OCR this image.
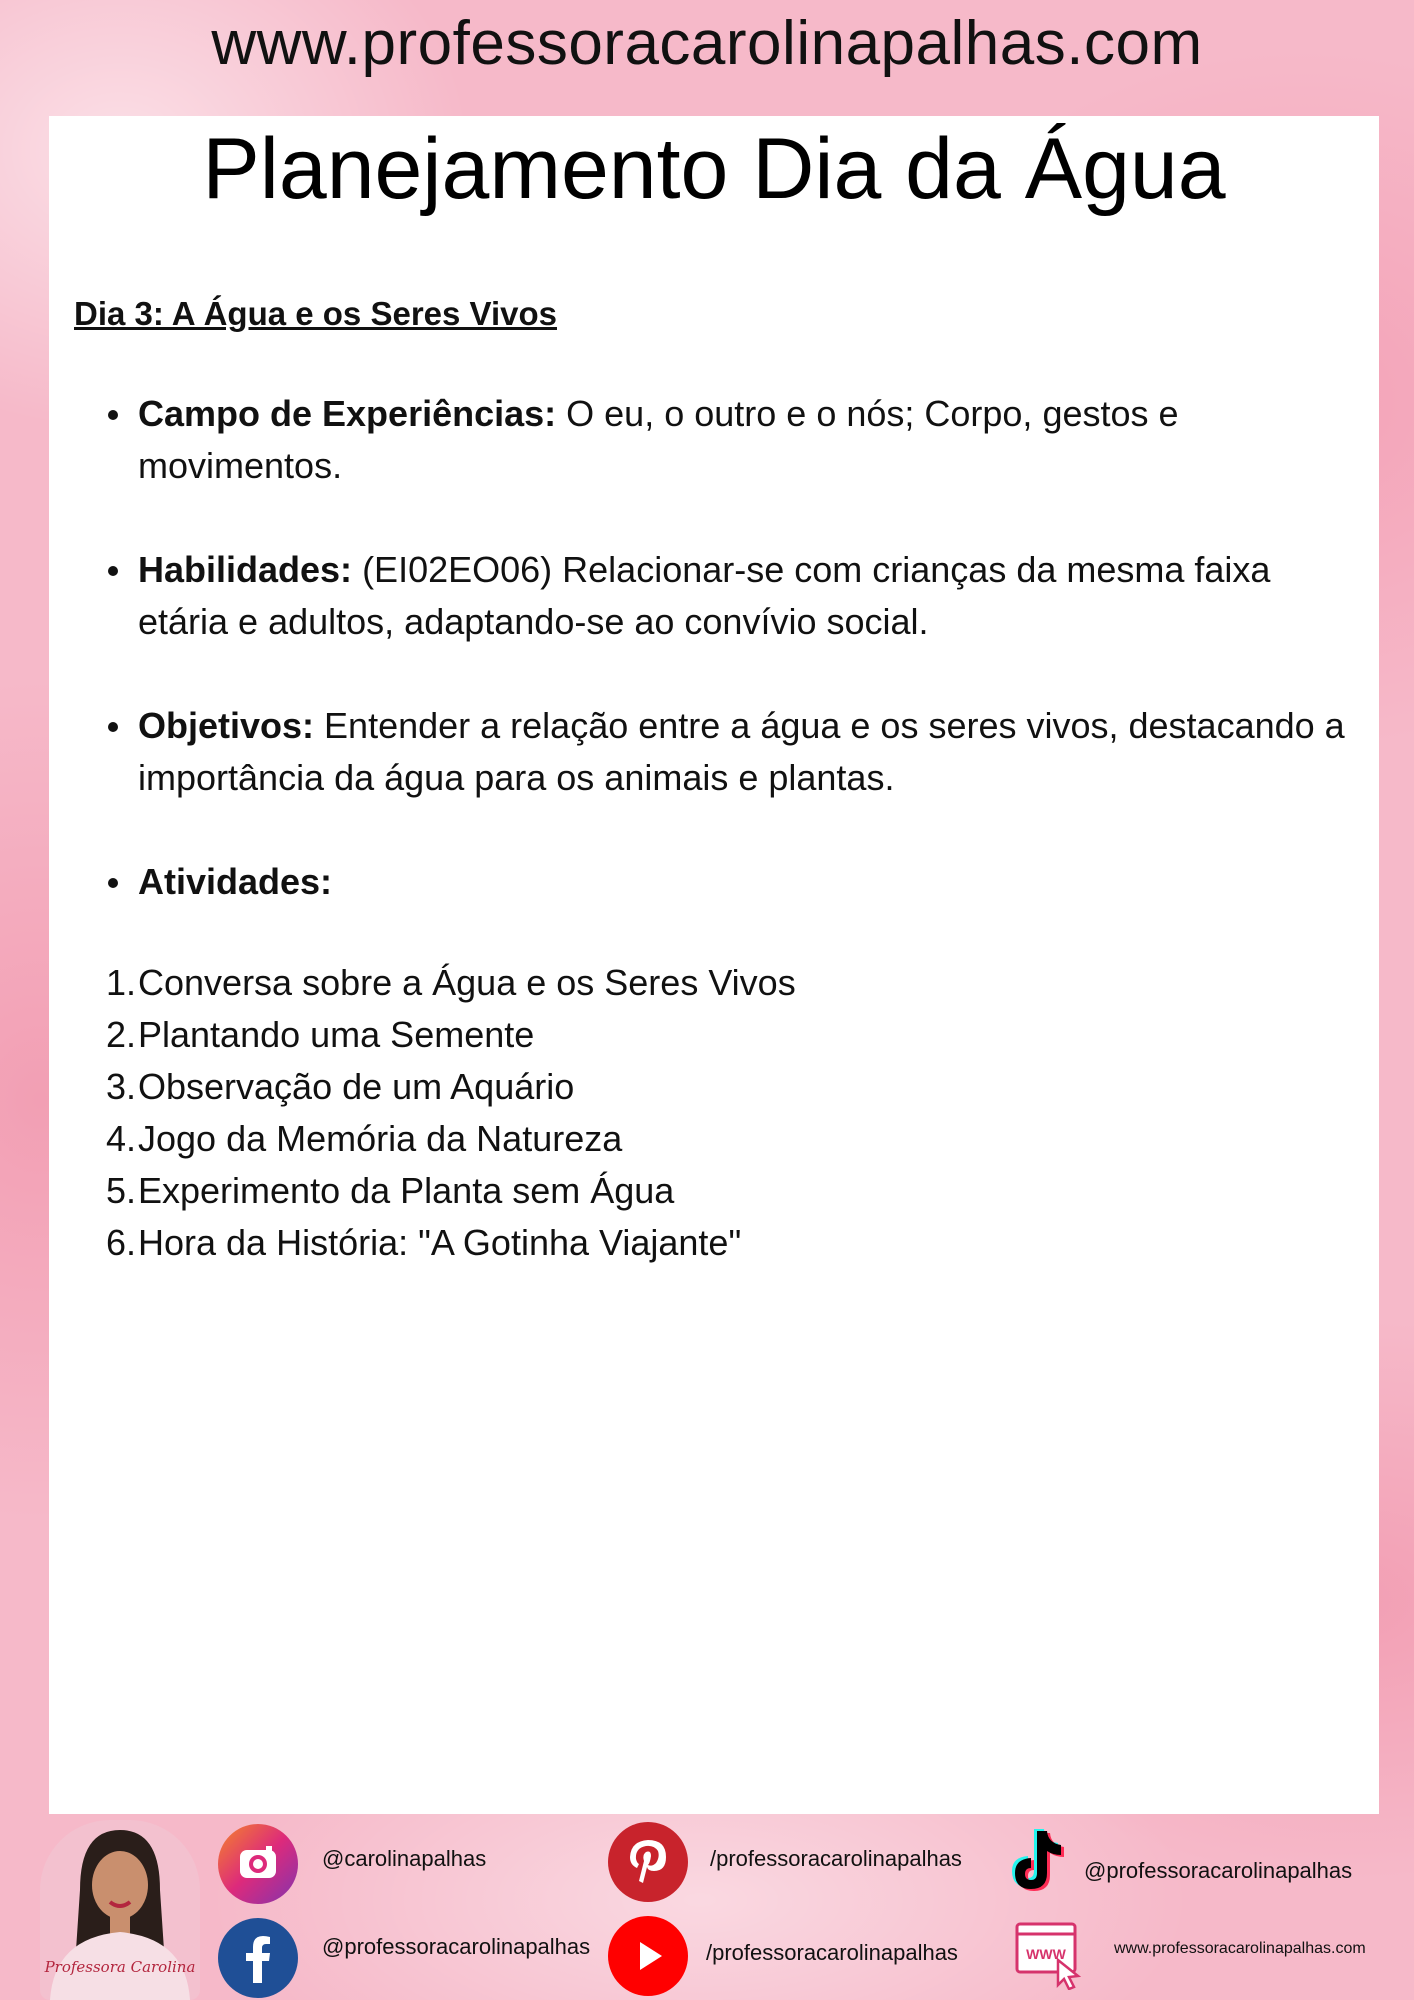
www.professoracarolinapalhas.com
Planejamento Dia da Água
Dia 3: A Água e os Seres Vivos
Campo de Experiências: O eu, o outro e o nós; Corpo, gestos e movimentos.
Habilidades: (EI02EO06) Relacionar-se com crianças da mesma faixa etária e adultos, adaptando-se ao convívio social.
Objetivos: Entender a relação entre a água e os seres vivos, destacando a importância da água para os animais e plantas.
Atividades:
1. Conversa sobre a Água e os Seres Vivos
2. Plantando uma Semente
3. Observação de um Aquário
4. Jogo da Memória da Natureza
5. Experimento da Planta sem Água
6. Hora da História: "A Gotinha Viajante"
Professora Carolina
@carolinapalhas
@professoracarolinapalhas
/professoracarolinapalhas
/professoracarolinapalhas
@professoracarolinapalhas
WWW	www.professoracarolinapalhas.com
